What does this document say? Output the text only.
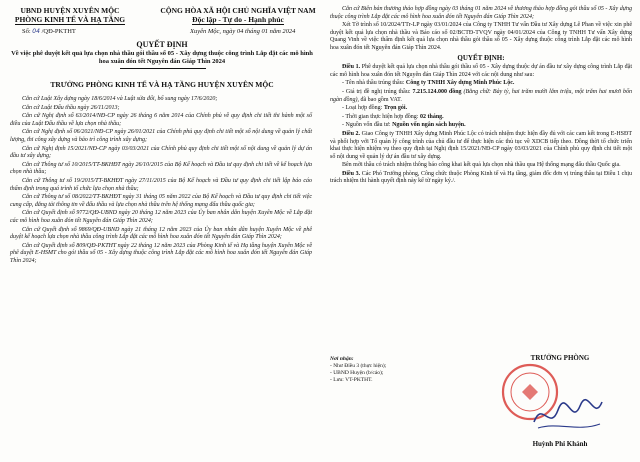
UBND HUYỆN XUYÊN MỘC
PHÒNG KINH TẾ VÀ HẠ TẦNG
CỘNG HÒA XÃ HỘI CHỦ NGHĨA VIỆT NAM
Độc lập - Tự do - Hạnh phúc
Số: 04 /QĐ-PKTHT	Xuyên Mộc, ngày 04 tháng 01 năm 2024
QUYẾT ĐỊNH
Về việc phê duyệt kết quả lựa chọn nhà thầu gói thầu số 05 - Xây dựng thuộc công trình Lắp đặt các mô hình hoa xuân đón tết Nguyên đán Giáp Thìn 2024
TRƯỞNG PHÒNG KINH TẾ VÀ HẠ TẦNG HUYỆN XUYÊN MỘC

Căn cứ Luật Xây dựng ngày 18/6/2014 và Luật sửa đổi, bổ sung ngày 17/6/2020;

Căn cứ Luật Đấu thầu ngày 26/11/2013;

Căn cứ Nghị định số 63/2014/NĐ-CP ngày 26 tháng 6 năm 2014 của Chính phủ về quy định chi tiết thi hành một số điều của Luật Đấu thầu về lựa chọn nhà thầu;

Căn cứ Nghị định số 06/2021/NĐ-CP ngày 26/01/2021 của Chính phủ quy định chi tiết một số nội dung về quản lý chất lượng, thi công xây dựng và bảo trì công trình xây dựng;

Căn cứ Nghị định 15/2021/NĐ-CP ngày 03/03/2021 của Chính phủ quy định chi tiết một số nội dung về quản lý dự án đầu tư xây dựng;

Căn cứ Thông tư số 10/2015/TT-BKHĐT ngày 26/10/2015 của Bộ Kế hoạch và Đầu tư quy định chi tiết về kế hoạch lựa chọn nhà thầu;

Căn cứ Thông tư số 19/2015/TT-BKHĐT ngày 27/11/2015 của Bộ Kế hoạch và Đầu tư quy định chi tiết lập báo cáo thẩm định trong quá trình tổ chức lựa chọn nhà thầu;

Căn cứ Thông tư số 08/2022/TT-BKHĐT ngày 31 tháng 05 năm 2022 của Bộ Kế hoạch và Đầu tư quy định chi tiết việc cung cấp, đăng tải thông tin về đấu thầu và lựa chọn nhà thầu trên hệ thống mạng đấu thầu quốc gia;

Căn cứ Quyết định số 9772/QĐ-UBND ngày 20 tháng 12 năm 2023 của Ủy ban nhân dân huyện Xuyên Mộc về Lắp đặt các mô hình hoa xuân đón tết Nguyên đán Giáp Thìn 2024;

Căn cứ Quyết định số 9869/QĐ-UBND ngày 21 tháng 12 năm 2023 của Ủy ban nhân dân huyện Xuyên Mộc về phê duyệt kế hoạch lựa chọn nhà thầu công trình Lắp đặt các mô hình hoa xuân đón tết Nguyên đán Giáp Thìn 2024;

Căn cứ Quyết định số 809/QĐ-PKTHT ngày 22 tháng 12 năm 2023 của Phòng Kinh tế và Hạ tầng huyện Xuyên Mộc về phê duyệt E-HSMT cho gói thầu số 05 - Xây dựng thuộc công trình Lắp đặt các mô hình hoa xuân đón tết Nguyên đán Giáp Thìn 2024;

Căn cứ Biên bản thương thảo hợp đồng ngày 03 tháng 01 năm 2024 về thương thảo hợp đồng gói thầu số 05 - Xây dựng thuộc công trình Lắp đặt các mô hình hoa xuân đón tết Nguyên đán Giáp Thìn 2024;

Xét Tờ trình số 10/2024/TTr-LP ngày 03/01/2024 của Công ty TNHH Tư vấn Đầu tư Xây dựng Lê Phan về việc xin phê duyệt kết quả lựa chọn nhà thầu và Báo cáo số 02/BCTĐ-TVQV ngày 04/01/2024 của Công ty TNHH Tư vấn Xây dựng Quang Vinh về việc thẩm định kết quả lựa chọn nhà thầu gói thầu số 05 - Xây dựng thuộc công trình Lắp đặt các mô hình hoa xuân đón tết Nguyên đán Giáp Thìn 2024.

QUYẾT ĐỊNH:

Điều 1. Phê duyệt kết quả lựa chọn nhà thầu gói thầu số 05 - Xây dựng thuộc dự án đầu tư xây dựng công trình Lắp đặt các mô hình hoa xuân đón tết Nguyên đán Giáp Thìn 2024 với các nội dung như sau:

- Tên nhà thầu trúng thầu: Công ty TNHH Xây dựng Minh Phúc Lộc.

- Giá trị đề nghị trúng thầu: 7.215.124.000 đồng (Bằng chữ: Bảy tỷ, hai trăm mười lăm triệu, một trăm hai mươi bốn ngàn đồng), đã bao gồm VAT.

- Loại hợp đồng: Trọn gói.

- Thời gian thực hiện hợp đồng: 02 tháng.

- Nguồn vốn đầu tư: Nguồn vốn ngân sách huyện.

Điều 2. Giao Công ty TNHH Xây dựng Minh Phúc Lộc có trách nhiệm thực hiện đầy đủ với các cam kết trong E-HSĐT và phối hợp với Tổ quản lý công trình của chủ đầu tư để thực hiện các thủ tục về XDCB tiếp theo. Đồng thời tổ chức triển khai thực hiện nhiệm vụ theo quy định tại Nghị định 15/2021/NĐ-CP ngày 03/03/2021 của Chính phủ quy định chi tiết một số nội dung về quản lý dự án đầu tư xây dựng.

Bên mời thầu có trách nhiệm thông báo công khai kết quả lựa chọn nhà thầu qua Hệ thống mạng đấu thầu Quốc gia.

Điều 3. Các Phó Trưởng phòng, Công chức thuộc Phòng Kinh tế và Hạ tầng, giám đốc đơn vị trúng thầu tại Điều 1 chịu trách nhiệm thi hành quyết định này kể từ ngày ký./.

Nơi nhận:
- Như Điều 3 (thực hiện);
- UBND Huyện (b/cáo);
- Lưu: VT-PKTHT.
TRƯỞNG PHÒNG
Huỳnh Phi Khánh
